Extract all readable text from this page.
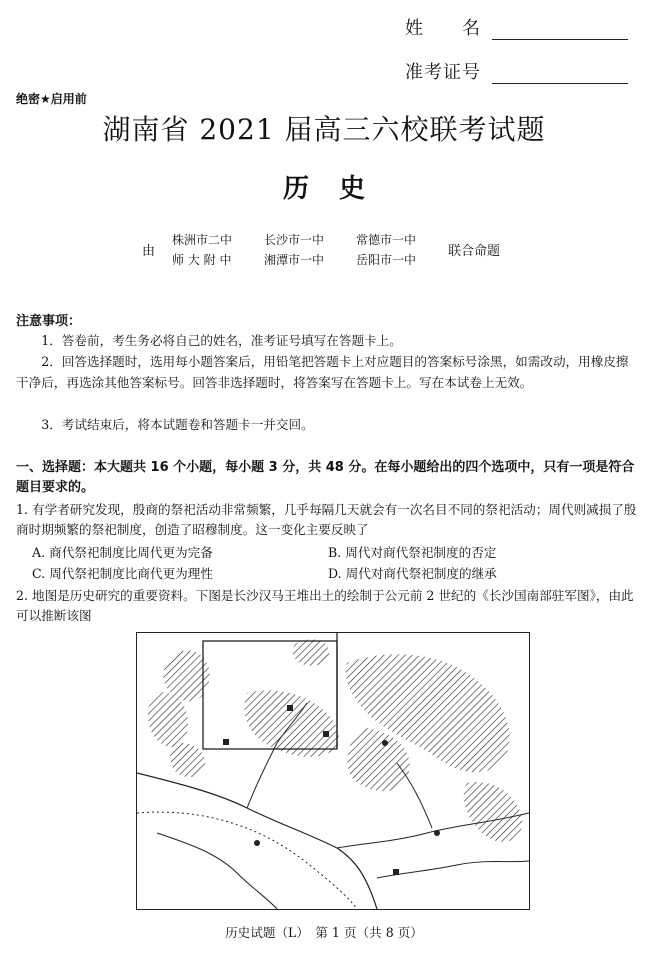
姓　　名
准考证号
绝密★启用前
湖南省 2021 届高三六校联考试题
历史
由
株洲市二中	长沙市一中	常德市一中
师 大 附 中	湘潭市一中	岳阳市一中
联合命题
注意事项：
1．答卷前，考生务必将自己的姓名，准考证号填写在答题卡上。
2．回答选择题时，选用每小题答案后，用铅笔把答题卡上对应题目的答案标号涂黑，如需改动，用橡皮擦干净后，再选涂其他答案标号。回答非选择题时，将答案写在答题卡上。写在本试卷上无效。
3．考试结束后，将本试题卷和答题卡一并交回。
一、选择题：本大题共 16 个小题，每小题 3 分，共 48 分。在每小题给出的四个选项中，只有一项是符合题目要求的。
1. 有学者研究发现，殷商的祭祀活动非常频繁，几乎每隔几天就会有一次名目不同的祭祀活动；周代则减损了殷商时期频繁的祭祀制度，创造了昭穆制度。这一变化主要反映了
A. 商代祭祀制度比周代更为完备	B. 周代对商代祭祀制度的否定
C. 周代祭祀制度比商代更为理性	D. 周代对商代祭祀制度的继承
2. 地图是历史研究的重要资料。下图是长沙汉马王堆出土的绘制于公元前 2 世纪的《长沙国南部驻军图》，由此可以推断该图
历史试题（L）　第 1 页（共 8 页）
